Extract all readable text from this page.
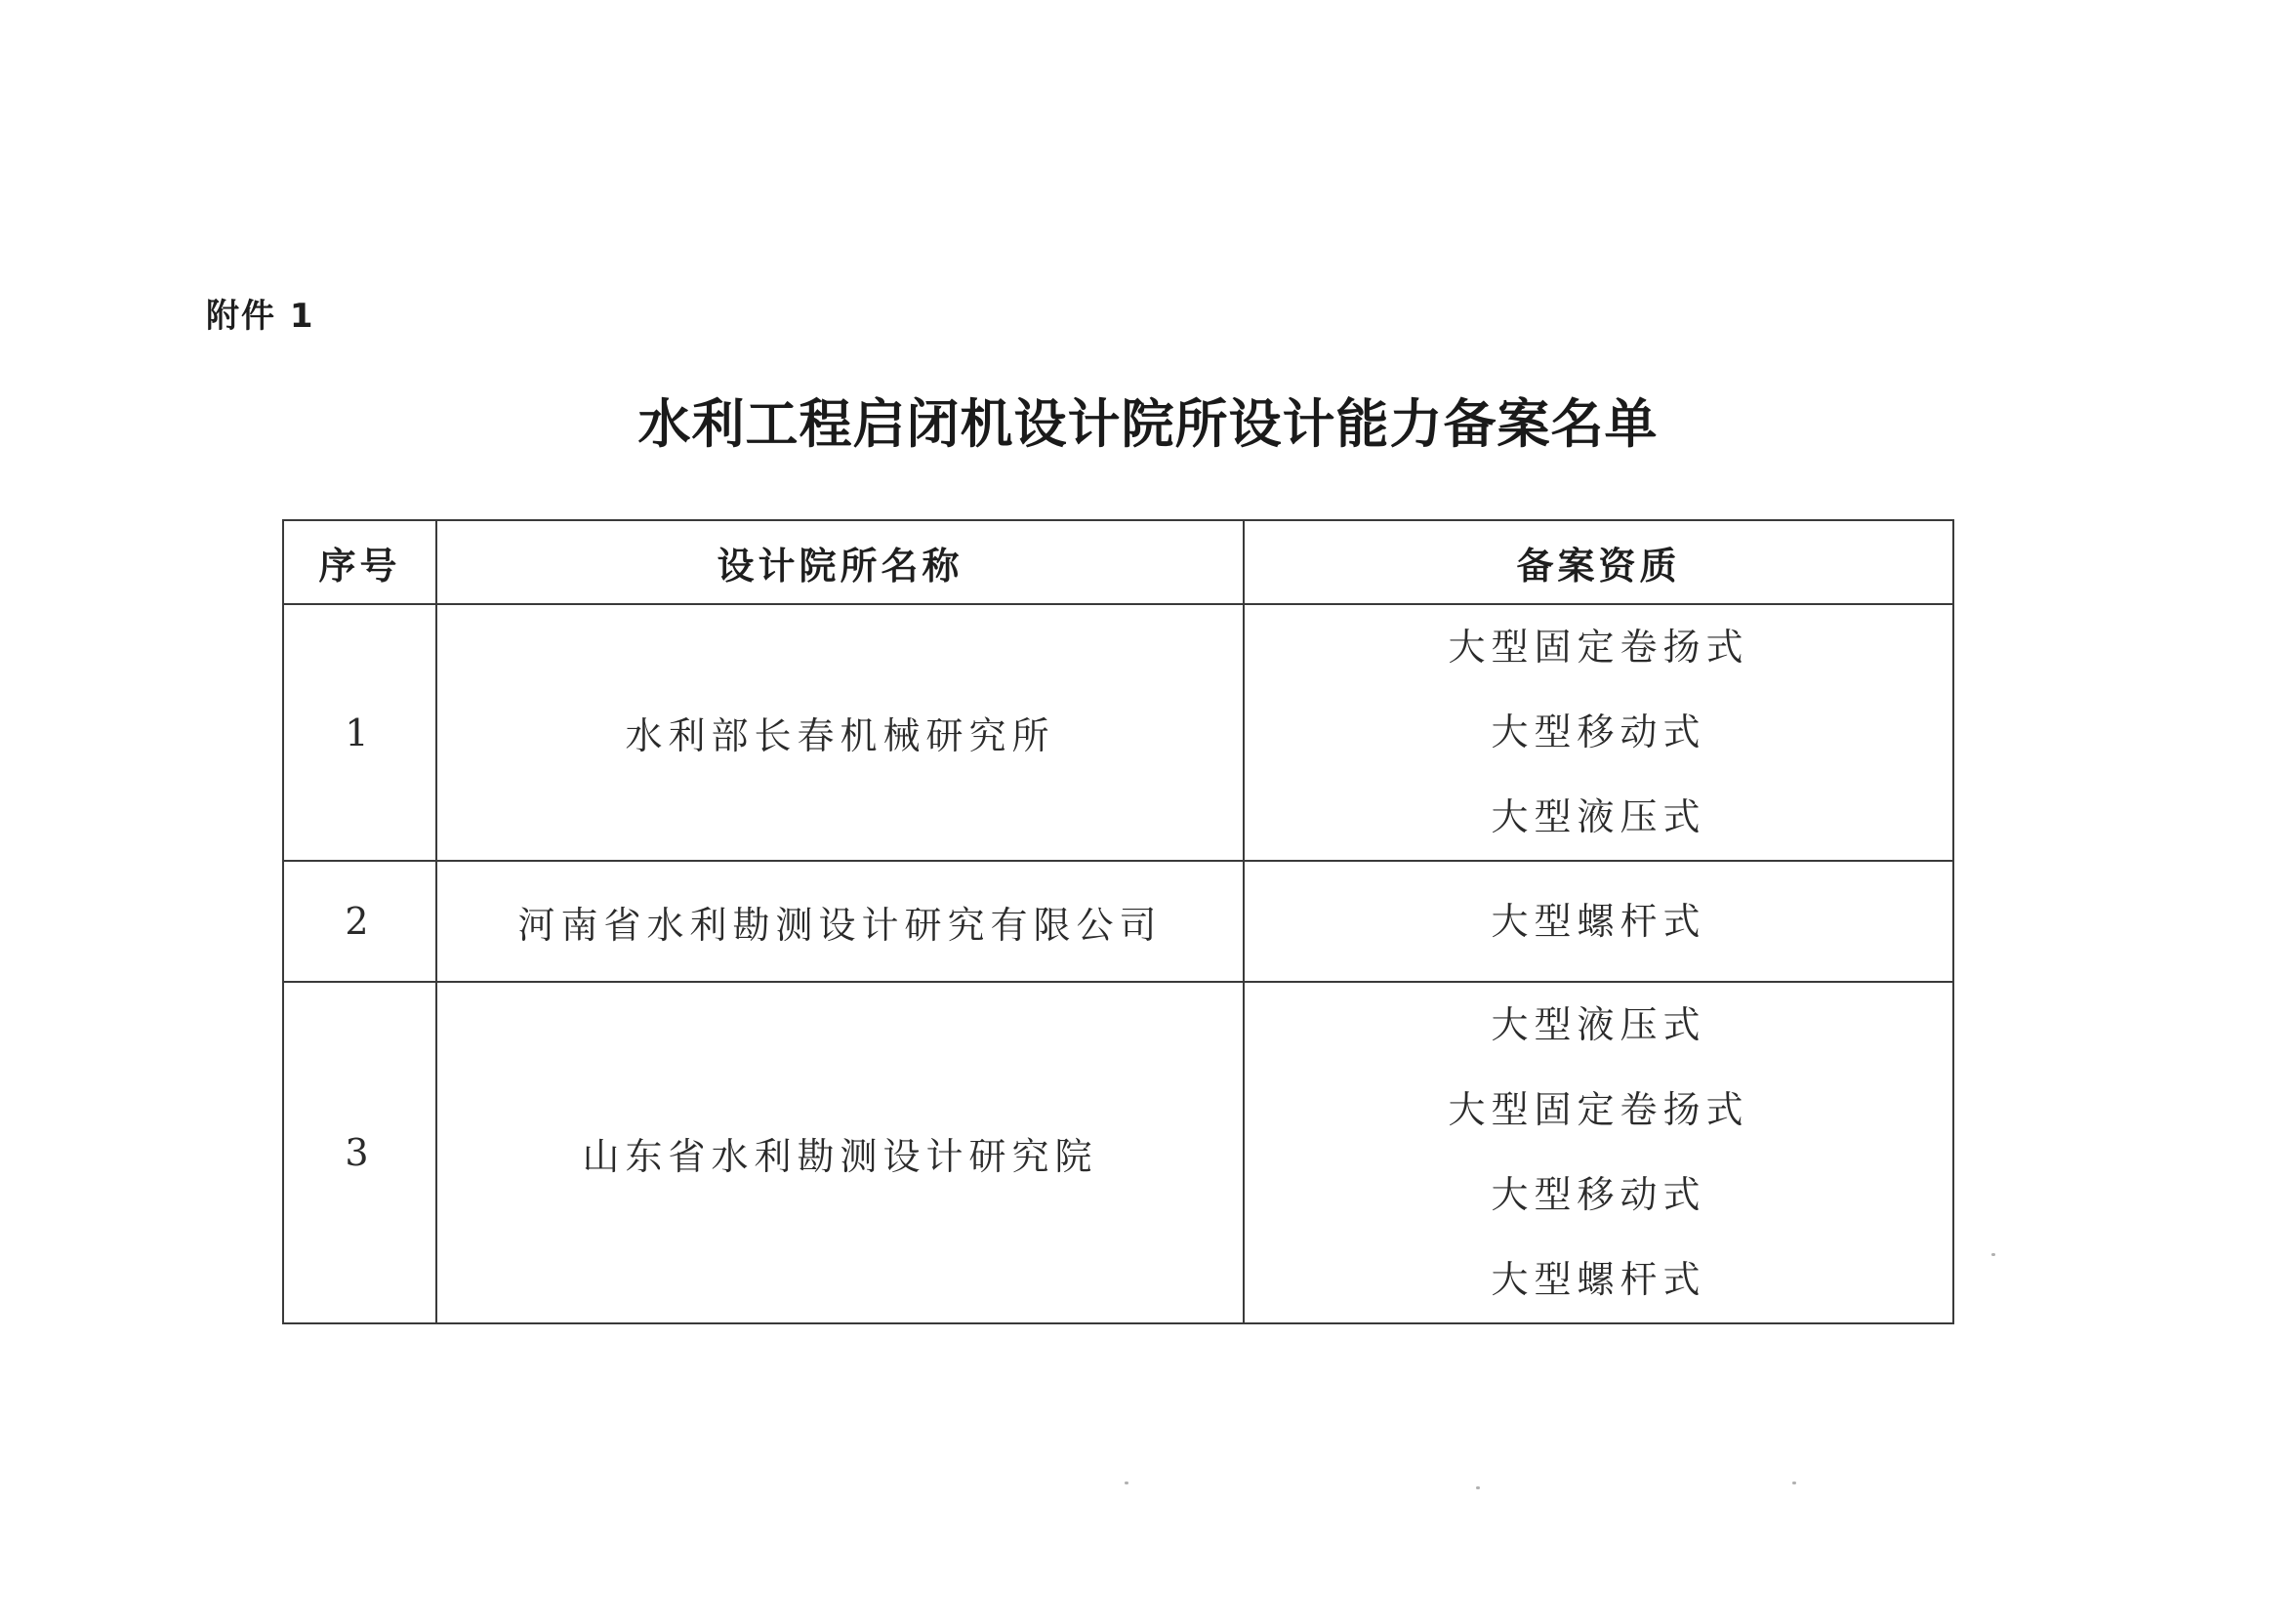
附件 1
水利工程启闭机设计院所设计能力备案名单
序号	设计院所名称	备案资质
1	水利部长春机械研究所	大型固定卷扬式
大型移动式
大型液压式

2	河南省水利勘测设计研究有限公司	大型螺杆式

3	山东省水利勘测设计研究院	大型液压式
大型固定卷扬式
大型移动式
大型螺杆式
